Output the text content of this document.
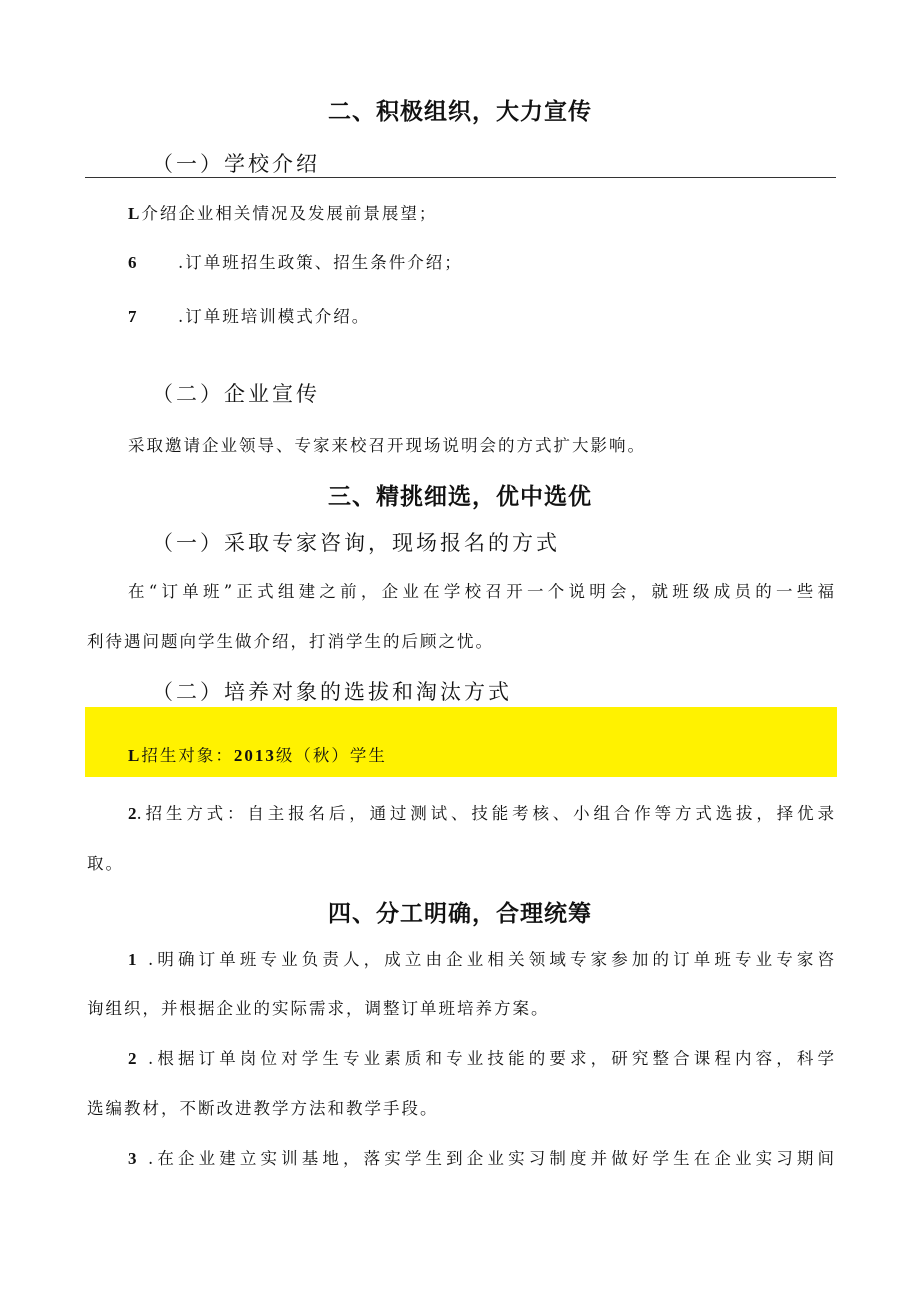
二、积极组织，大力宣传
（一）学校介绍
L介绍企业相关情况及发展前景展望；
6 .订单班招生政策、招生条件介绍；
7 .订单班培训模式介绍。
（二）企业宣传
采取邀请企业领导、专家来校召开现场说明会的方式扩大影响。
三、精挑细选，优中选优
（一）采取专家咨询，现场报名的方式
在“订单班”正式组建之前，企业在学校召开一个说明会，就班级成员的一些福
利待遇问题向学生做介绍，打消学生的后顾之忧。
（二）培养对象的选拔和淘汰方式
L招生对象：2013级（秋）学生
2.招生方式：自主报名后，通过测试、技能考核、小组合作等方式选拔，择优录
取。
四、分工明确，合理统筹
1 .明确订单班专业负责人，成立由企业相关领域专家参加的订单班专业专家咨
询组织，并根据企业的实际需求，调整订单班培养方案。
2 .根据订单岗位对学生专业素质和专业技能的要求，研究整合课程内容，科学
选编教材，不断改进教学方法和教学手段。
3 .在企业建立实训基地，落实学生到企业实习制度并做好学生在企业实习期间
